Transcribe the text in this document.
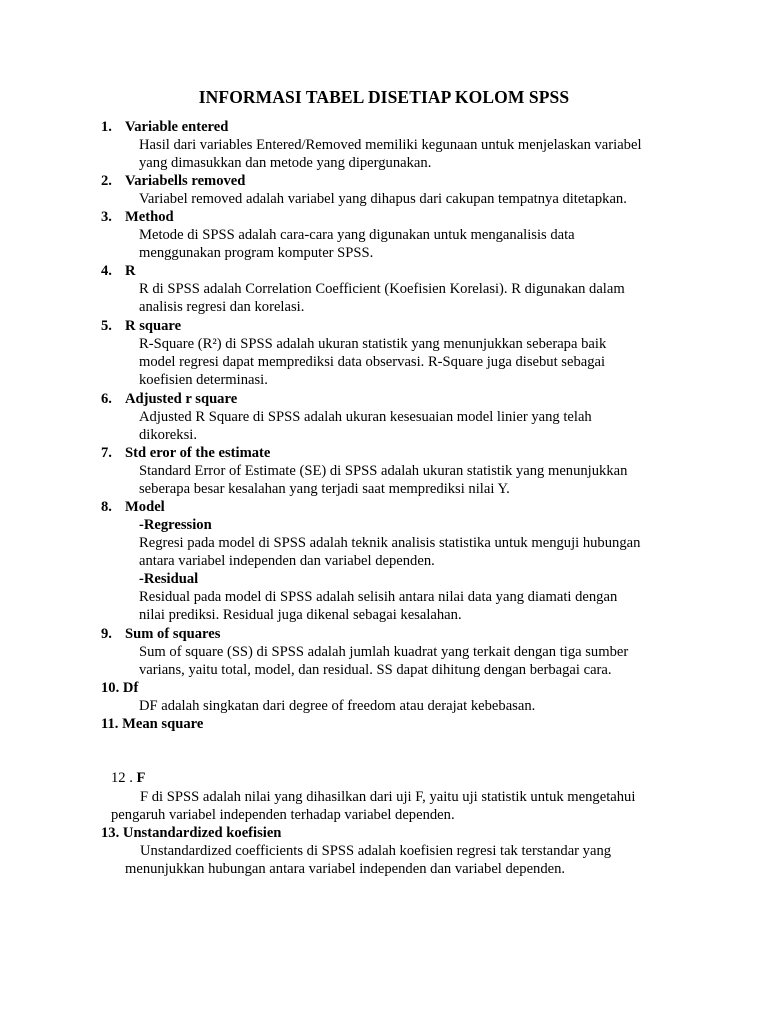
INFORMASI TABEL DISETIAP KOLOM SPSS
1. Variable entered
Hasil dari variables Entered/Removed memiliki kegunaan untuk menjelaskan variabel
yang dimasukkan dan metode yang dipergunakan.
2. Variabells removed
Variabel removed adalah variabel yang dihapus dari cakupan tempatnya ditetapkan.
3. Method
Metode di SPSS adalah cara-cara yang digunakan untuk menganalisis data
menggunakan program komputer SPSS.
4. R
R di SPSS adalah Correlation Coefficient (Koefisien Korelasi). R digunakan dalam
analisis regresi dan korelasi.
5. R square
R-Square (R²) di SPSS adalah ukuran statistik yang menunjukkan seberapa baik
model regresi dapat memprediksi data observasi. R-Square juga disebut sebagai
koefisien determinasi.
6. Adjusted r square
Adjusted R Square di SPSS adalah ukuran kesesuaian model linier yang telah
dikoreksi.
7. Std eror of the estimate
Standard Error of Estimate (SE) di SPSS adalah ukuran statistik yang menunjukkan
seberapa besar kesalahan yang terjadi saat memprediksi nilai Y.
8. Model
-Regression
Regresi pada model di SPSS adalah teknik analisis statistika untuk menguji hubungan
antara variabel independen dan variabel dependen.
-Residual
Residual pada model di SPSS adalah selisih antara nilai data yang diamati dengan
nilai prediksi. Residual juga dikenal sebagai kesalahan.
9. Sum of squares
Sum of square (SS) di SPSS adalah jumlah kuadrat yang terkait dengan tiga sumber
varians, yaitu total, model, dan residual. SS dapat dihitung dengan berbagai cara.
10. Df
DF adalah singkatan dari degree of freedom atau derajat kebebasan.
11. Mean square
12 . F
F di SPSS adalah nilai yang dihasilkan dari uji F, yaitu uji statistik untuk mengetahui
pengaruh variabel independen terhadap variabel dependen.
13. Unstandardized koefisien
Unstandardized coefficients di SPSS adalah koefisien regresi tak terstandar yang
menunjukkan hubungan antara variabel independen dan variabel dependen.
